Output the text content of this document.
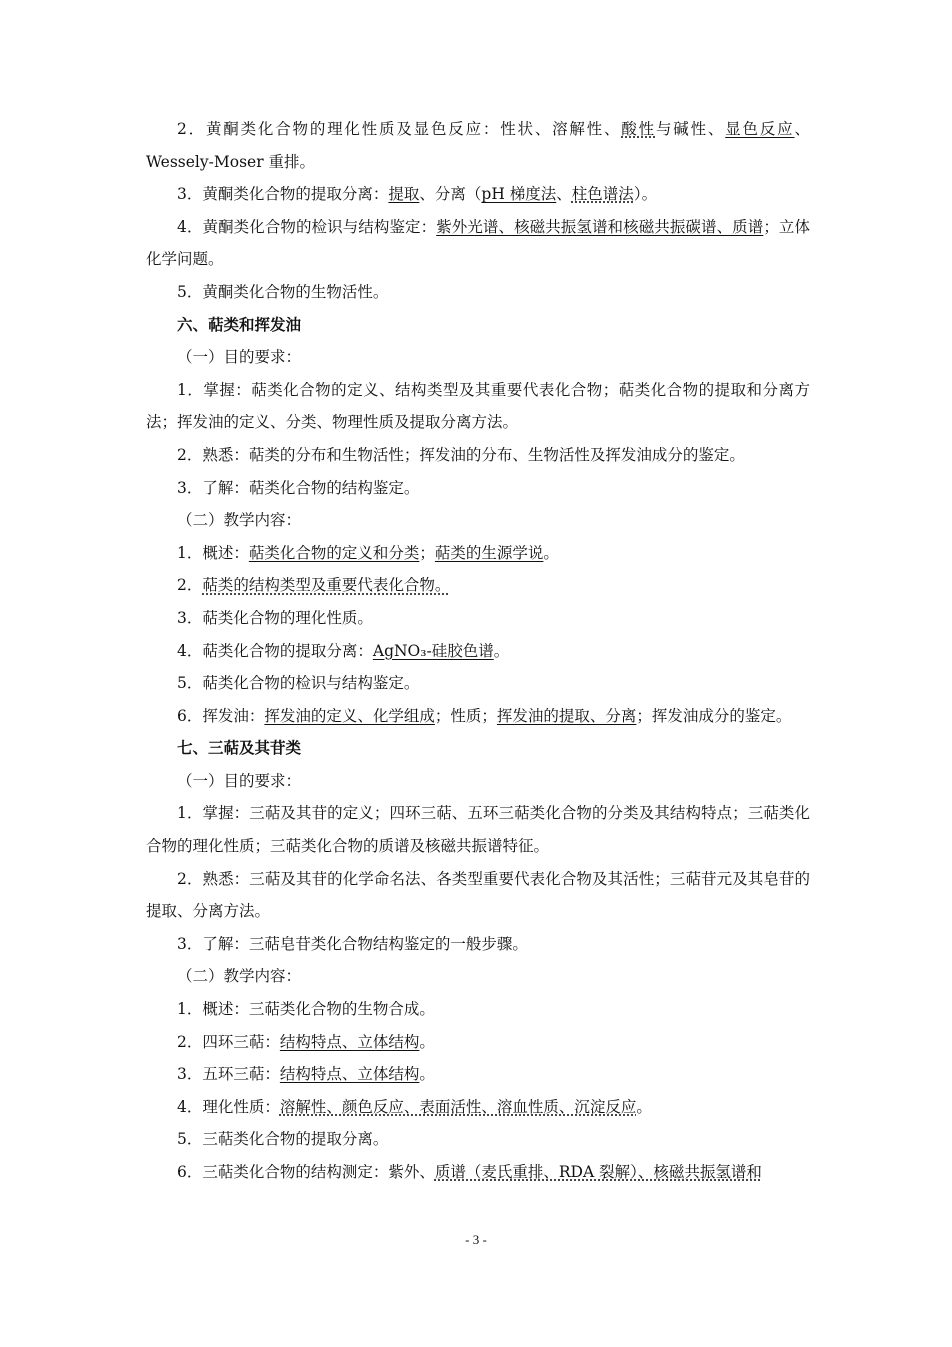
2．黄酮类化合物的理化性质及显色反应：性状、溶解性、酸性与碱性、显色反应、Wessely-Moser 重排。

3．黄酮类化合物的提取分离：提取、分离（pH 梯度法、柱色谱法）。

4．黄酮类化合物的检识与结构鉴定：紫外光谱、核磁共振氢谱和核磁共振碳谱、质谱；立体化学问题。

5．黄酮类化合物的生物活性。

六、萜类和挥发油

（一）目的要求：

1．掌握：萜类化合物的定义、结构类型及其重要代表化合物；萜类化合物的提取和分离方法；挥发油的定义、分类、物理性质及提取分离方法。

2．熟悉：萜类的分布和生物活性；挥发油的分布、生物活性及挥发油成分的鉴定。

3．了解：萜类化合物的结构鉴定。

（二）教学内容：

1．概述：萜类化合物的定义和分类；萜类的生源学说。

2．萜类的结构类型及重要代表化合物。

3．萜类化合物的理化性质。

4．萜类化合物的提取分离：AgNO₃-硅胶色谱。

5．萜类化合物的检识与结构鉴定。

6．挥发油：挥发油的定义、化学组成；性质；挥发油的提取、分离；挥发油成分的鉴定。

七、三萜及其苷类

（一）目的要求：

1．掌握：三萜及其苷的定义；四环三萜、五环三萜类化合物的分类及其结构特点；三萜类化合物的理化性质；三萜类化合物的质谱及核磁共振谱特征。

2．熟悉：三萜及其苷的化学命名法、各类型重要代表化合物及其活性；三萜苷元及其皂苷的提取、分离方法。

3．了解：三萜皂苷类化合物结构鉴定的一般步骤。

（二）教学内容：

1．概述：三萜类化合物的生物合成。

2．四环三萜：结构特点、立体结构。

3．五环三萜：结构特点、立体结构。

4．理化性质：溶解性、颜色反应、表面活性、溶血性质、沉淀反应。

5．三萜类化合物的提取分离。

6．三萜类化合物的结构测定：紫外、质谱（麦氏重排、RDA 裂解）、核磁共振氢谱和

- 3 -
